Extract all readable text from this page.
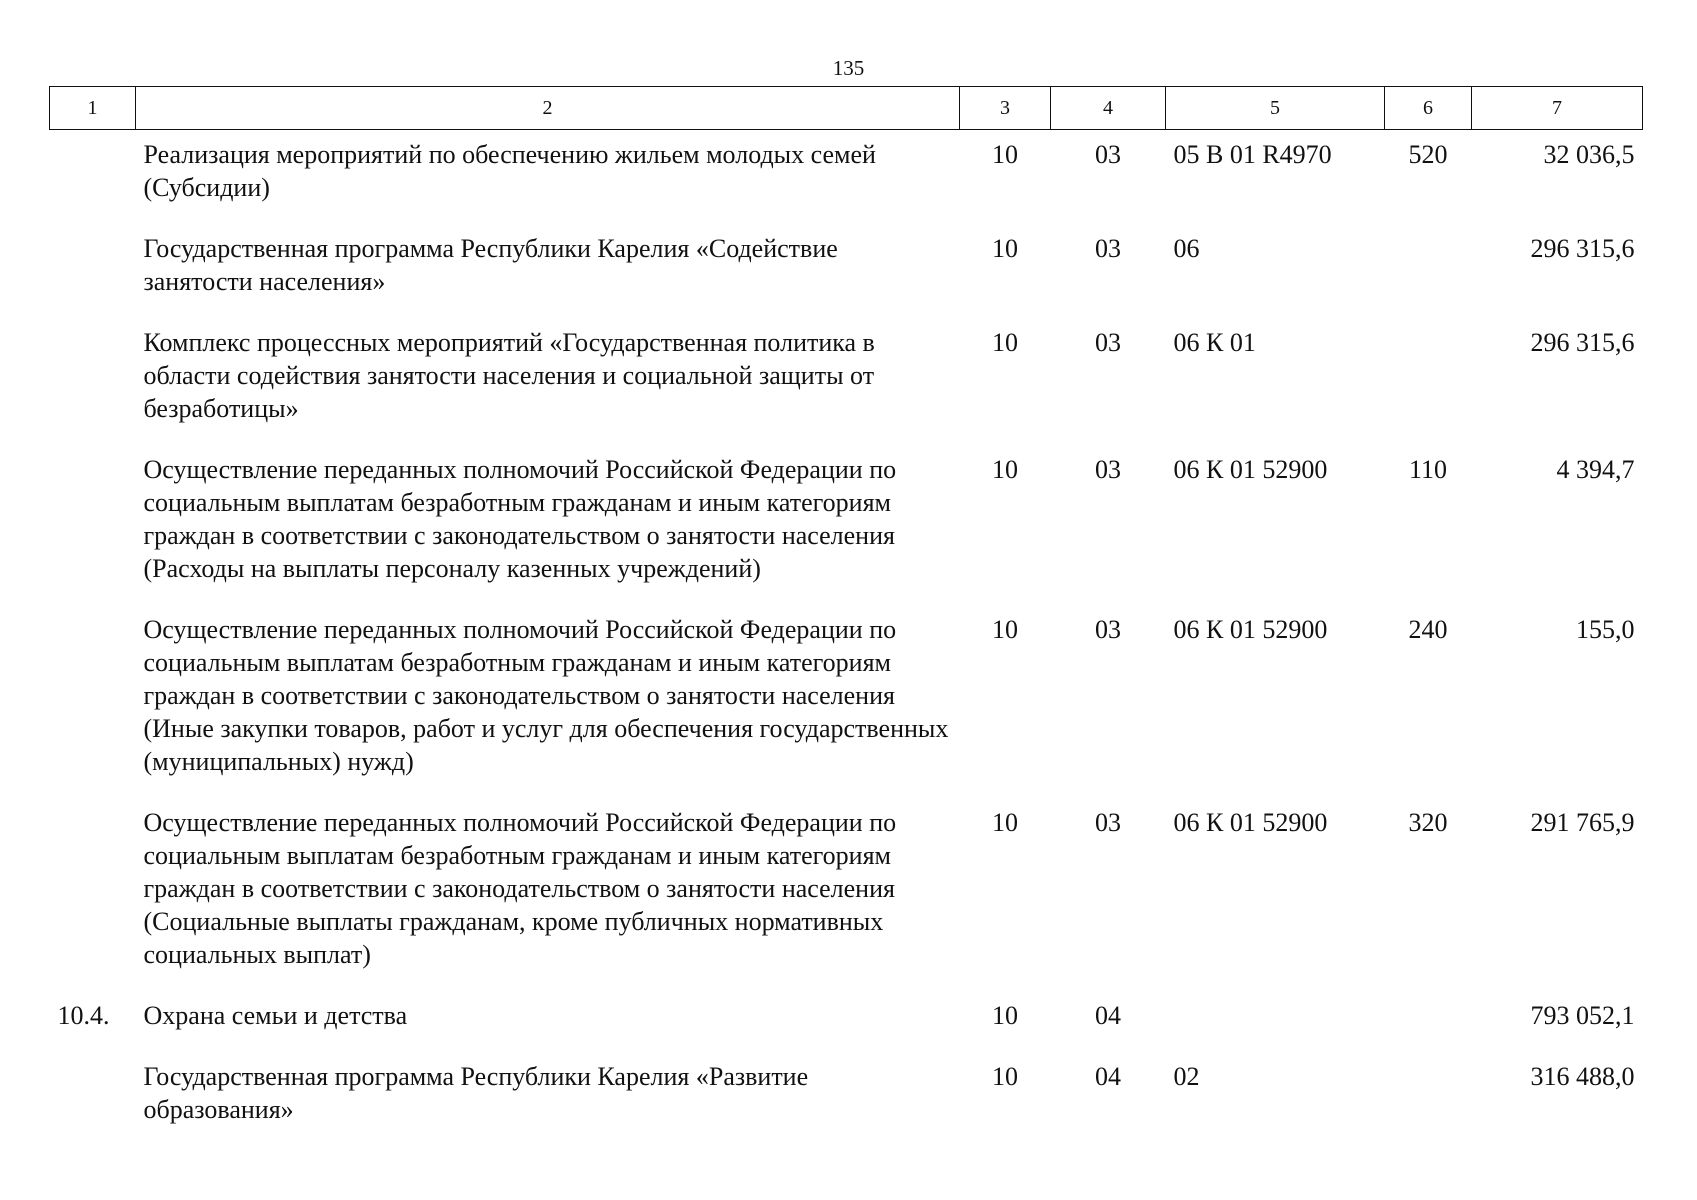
135
1	2	3	4	5	6	7
	Реализация мероприятий по обеспечению жильем молодых семей (Субсидии)	10	03	05 В 01 R4970	520	32 036,5
	Государственная программа Республики Карелия «Содействие занятости населения»	10	03	06		296 315,6
	Комплекс процессных мероприятий «Государственная политика в области содействия занятости населения и социальной защиты от безработицы»	10	03	06 К 01		296 315,6
	Осуществление переданных полномочий Российской Федерации по социальным выплатам безработным гражданам и иным категориям граждан в соответствии с законодательством о занятости населения (Расходы на выплаты персоналу казенных учреждений)	10	03	06 К 01 52900	110	4 394,7
	Осуществление переданных полномочий Российской Федерации по социальным выплатам безработным гражданам и иным категориям граждан в соответствии с законодательством о занятости населения (Иные закупки товаров, работ и услуг для обеспечения государственных (муниципальных) нужд)	10	03	06 К 01 52900	240	155,0
	Осуществление переданных полномочий Российской Федерации по социальным выплатам безработным гражданам и иным категориям граждан в соответствии с законодательством о занятости населения (Социальные выплаты гражданам, кроме публичных нормативных социальных выплат)	10	03	06 К 01 52900	320	291 765,9
10.4.	Охрана семьи и детства	10	04			793 052,1
	Государственная программа Республики Карелия «Развитие образования»	10	04	02		316 488,0
